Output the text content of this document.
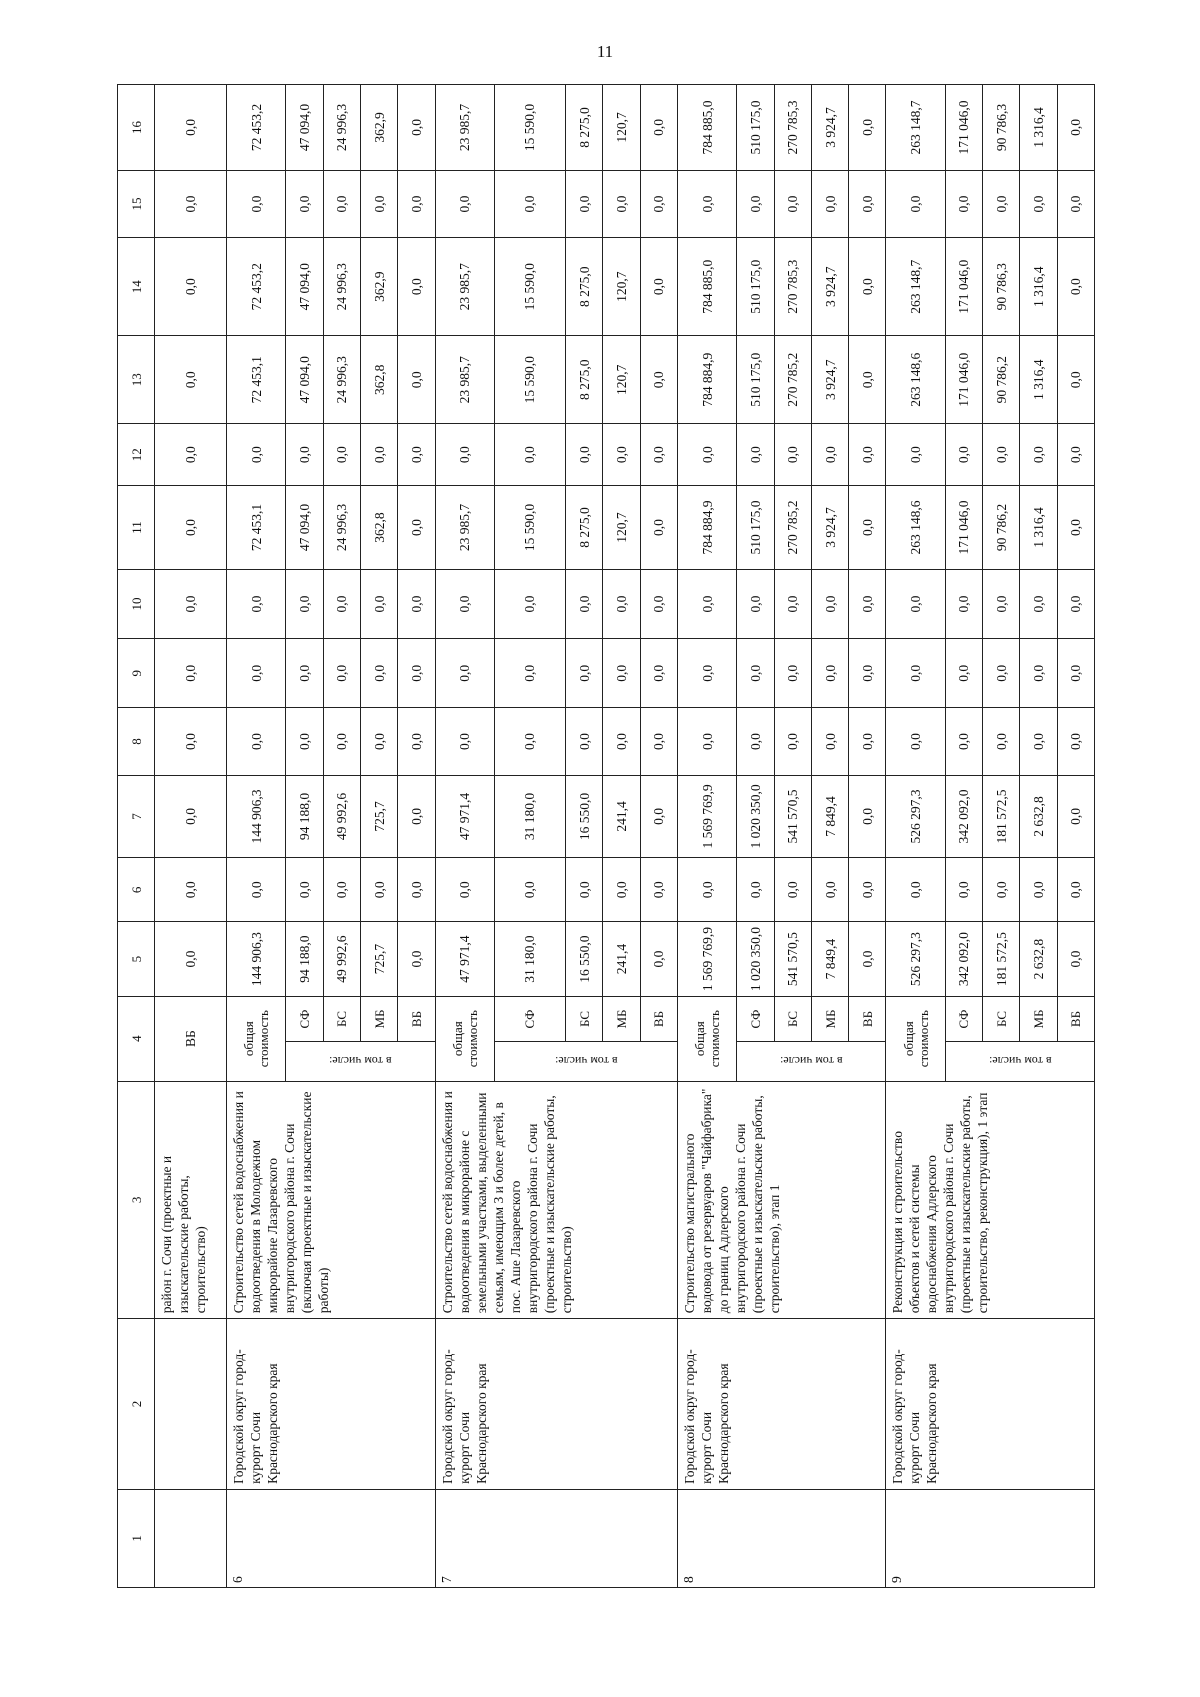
11
1	2	3	4		5	6	7	8	9	10	11	12	13	14	15	16
		район г. Сочи (проектные и изыскательские работы, строительство)	ВБ		0,0	0,0	0,0	0,0	0,0	0,0	0,0	0,0	0,0	0,0	0,0	0,0
6	Городской округ город-курорт Сочи Краснодарского края	Строительство сетей водоснабжения и водоотведения в Молодежном микрорайоне Лазаревского внутригородского района г. Сочи (включая проектные и изыскательские работы)	общая стоимость		144 906,3	0,0	144 906,3	0,0	0,0	0,0	72 453,1	0,0	72 453,1	72 453,2	0,0	72 453,2

			в том числе:	СФ	94 188,0	0,0	94 188,0	0,0	0,0	0,0	47 094,0	0,0	47 094,0	47 094,0	0,0	47 094,0
				БС	49 992,6	0,0	49 992,6	0,0	0,0	0,0	24 996,3	0,0	24 996,3	24 996,3	0,0	24 996,3
				МБ	725,7	0,0	725,7	0,0	0,0	0,0	362,8	0,0	362,8	362,9	0,0	362,9
				ВБ	0,0	0,0	0,0	0,0	0,0	0,0	0,0	0,0	0,0	0,0	0,0	0,0
7	Городской округ город-курорт Сочи Краснодарского края	Строительство сетей водоснабжения и водоотведения в микрорайоне с земельными участками, выделенными семьям, имеющим 3 и более детей, в пос. Аше Лазаревского внутригородского района г. Сочи (проектные и изыскательские работы, строительство)	общая стоимость		47 971,4	0,0	47 971,4	0,0	0,0	0,0	23 985,7	0,0	23 985,7	23 985,7	0,0	23 985,7

			в том числе:	СФ	31 180,0	0,0	31 180,0	0,0	0,0	0,0	15 590,0	0,0	15 590,0	15 590,0	0,0	15 590,0
				БС	16 550,0	0,0	16 550,0	0,0	0,0	0,0	8 275,0	0,0	8 275,0	8 275,0	0,0	8 275,0
				МБ	241,4	0,0	241,4	0,0	0,0	0,0	120,7	0,0	120,7	120,7	0,0	120,7
				ВБ	0,0	0,0	0,0	0,0	0,0	0,0	0,0	0,0	0,0	0,0	0,0	0,0
8	Городской округ город-курорт Сочи Краснодарского края	Строительство магистрального водовода от резервуаров "Чайфабрика" до границ Адлерского внутригородского района г. Сочи (проектные и изыскательские работы, строительство), этап 1	общая стоимость		1 569 769,9	0,0	1 569 769,9	0,0	0,0	0,0	784 884,9	0,0	784 884,9	784 885,0	0,0	784 885,0

			в том числе:	СФ	1 020 350,0	0,0	1 020 350,0	0,0	0,0	0,0	510 175,0	0,0	510 175,0	510 175,0	0,0	510 175,0
				БС	541 570,5	0,0	541 570,5	0,0	0,0	0,0	270 785,2	0,0	270 785,2	270 785,3	0,0	270 785,3
				МБ	7 849,4	0,0	7 849,4	0,0	0,0	0,0	3 924,7	0,0	3 924,7	3 924,7	0,0	3 924,7
				ВБ	0,0	0,0	0,0	0,0	0,0	0,0	0,0	0,0	0,0	0,0	0,0	0,0
9	Городской округ город-курорт Сочи Краснодарского края	Реконструкция и строительство объектов и сетей системы водоснабжения Адлерского внутригородского района г. Сочи (проектные и изыскательские работы, строительство, реконструкция), 1 этап	общая стоимость		526 297,3	0,0	526 297,3	0,0	0,0	0,0	263 148,6	0,0	263 148,6	263 148,7	0,0	263 148,7

			в том числе:	СФ	342 092,0	0,0	342 092,0	0,0	0,0	0,0	171 046,0	0,0	171 046,0	171 046,0	0,0	171 046,0
				БС	181 572,5	0,0	181 572,5	0,0	0,0	0,0	90 786,2	0,0	90 786,2	90 786,3	0,0	90 786,3
				МБ	2 632,8	0,0	2 632,8	0,0	0,0	0,0	1 316,4	0,0	1 316,4	1 316,4	0,0	1 316,4
				ВБ	0,0	0,0	0,0	0,0	0,0	0,0	0,0	0,0	0,0	0,0	0,0	0,0
